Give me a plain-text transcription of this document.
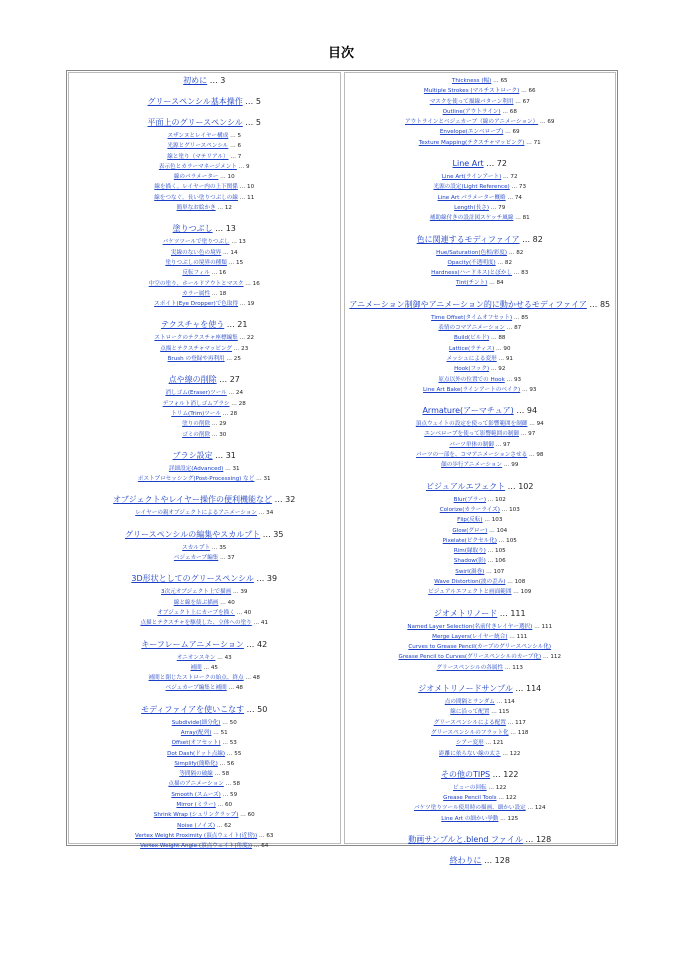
目次
初めに … 3
グリースペンシル基本操作 … 5
平面上のグリースペンシル … 5
スザンヌとレイヤー構成 … 5
光源とグリースペンシル … 6
線と塗り（マテリアル） … 7
表示色とカラーマネージメント … 9
線のパラメーター … 10
線を描く。レイヤー内の上下関係 … 10
線をつなぐ。長い塗りつぶしの線 … 11
簡単なお絵かき … 12
塗りつぶし … 13
バケツツールで塗りつぶし … 13
実線のない色の境界 … 14
塗りつぶしの境界の種類 … 15
反転フィル … 16
中空の塗り、ホールドアウトとマスク … 16
カラー属性 … 18
スポイト(Eye Dropper)で色取得 … 19
テクスチャを使う … 21
ストロークのテクスチャ座標編集 … 22
点描とテクスチャマッピング … 23
Brush の登録や再利用 … 25
点や線の削除 … 27
消しゴム(Eraser)ツール … 24
デフォルト消しゴムブラシ … 28
トリム(Trim)ツール … 28
塗りの削除 … 29
ゴミの削除 … 30
ブラシ設定 … 31
詳細設定(Advanced) … 31
ポストプロセッシング(Post-Processing) など … 31
オブジェクトやレイヤー操作の便利機能など … 32
レイヤーの親オブジェクトによるアニメーション … 34
グリースペンシルの編集やスカルプト … 35
スカルプト … 35
ベジェカーブ編集 … 37
3D形状としてのグリースペンシル … 39
3次元オブジェクト上で描画 … 39
線と線を結ぶ描画 … 40
オブジェクト上にカーブを描く … 40
点描とテクスチャを駆使した、立体への塗り … 41
キーフレームアニメーション … 42
オニオンスキン … 43
補間 … 45
補間と閉じたストロークの始点、終点 … 48
ベジェカーブ編集と補間 … 48
モディファイアを使いこなす … 50
Subdivide(細分化) … 50
Array(配列) … 51
Offset(オフセット) … 53
Dot Dash(ドット点線) … 55
Simplify(簡略化) … 56
等間隔の破線 … 58
点描のアニメーション … 58
Smooth (スムーズ) … 59
Mirror (ミラー) … 60
Shrink Wrap (シュリンクラップ) … 60
Noise (ノイズ) … 62
Vertex Weight Proximity (頂点ウェイト(近傍)) … 63
Vertex Weight Angle (頂点ウェイト(角度)) … 64
Thickness (幅) … 65
Multiple Strokes (マルチストローク) … 66
マスクを使って描線パターン利用 … 67
Outline(アウトライン) … 68
アウトラインとベジェカーブ（線のアニメーション） … 69
Envelope(エンベロープ) … 69
Texture Mapping(テクスチャマッピング) … 71
Line Art … 72
Line Art(ラインアート) … 72
光源の設定(Light Reference) … 73
Line Art パラメーター概略 … 74
Length(長さ) … 79
補助線付きの設計図スケッチ風線 … 81
色に関連するモディファイア … 82
Hue/Saturation(色相/彩度) … 82
Opacity(不透明度) … 82
Hardness(ハードネス)とぼかし … 83
Tint(チント) … 84
アニメーション制御やアニメーション的に動かせるモディファイア … 85
Time Offset(タイムオフセット) … 85
表情のコマアニメーション … 87
Build(ビルド) … 88
Lattice(ラティス) … 90
メッシュによる変形 … 91
Hook(フック) … 92
原点以外の位置での Hook … 93
Line Art Bake(ラインアートのベイク) … 93
Armature(アーマチュア) … 94
頂点ウェイトの設定を使って影響範囲を制御 … 94
エンベロープを使って影響範囲の制御 … 97
パーツ単体の制御 … 97
パーツの一部を、コマアニメーションさせる … 98
顔の歩行アニメーション … 99
ビジュアルエフェクト … 102
Blur(ブラー) … 102
Colorize(カラーライズ) … 103
Flip(反転) … 103
Glow(グロー) … 104
Pixelate(ピクセル化) … 105
Rim(縁取り) … 105
Shadow(影) … 106
Swirl(渦巻) … 107
Wave Distortion(波の歪み) … 108
ビジュアルエフェクトと画面範囲 … 109
ジオメトリノード … 111
Named Layer Selection(名前付きレイヤー選択) … 111
Merge Layers(レイヤー統合) … 111
Curves to Grease Pencil(カーブのグリースペンシル化)
Grease Pencil to Curves(グリースペンシルのカーブ化) … 112
グリースペンシルの各属性 … 113
ジオメトリノードサンプル … 114
点の間隔とランダム … 114
線に沿って配置 … 115
グリースペンシルによる配置 … 117
グリースペンシルのフラット化 … 118
シアー変形 … 121
距離に依らない線の太さ … 122
その他のTIPS … 122
ビューの回転 … 122
Grease Pencil Tools … 122
バケツ塗りツール使用時の描画、細かい設定 … 124
Line Art の細かい挙動 … 125
動画サンプルと.blend ファイル … 128
終わりに … 128
